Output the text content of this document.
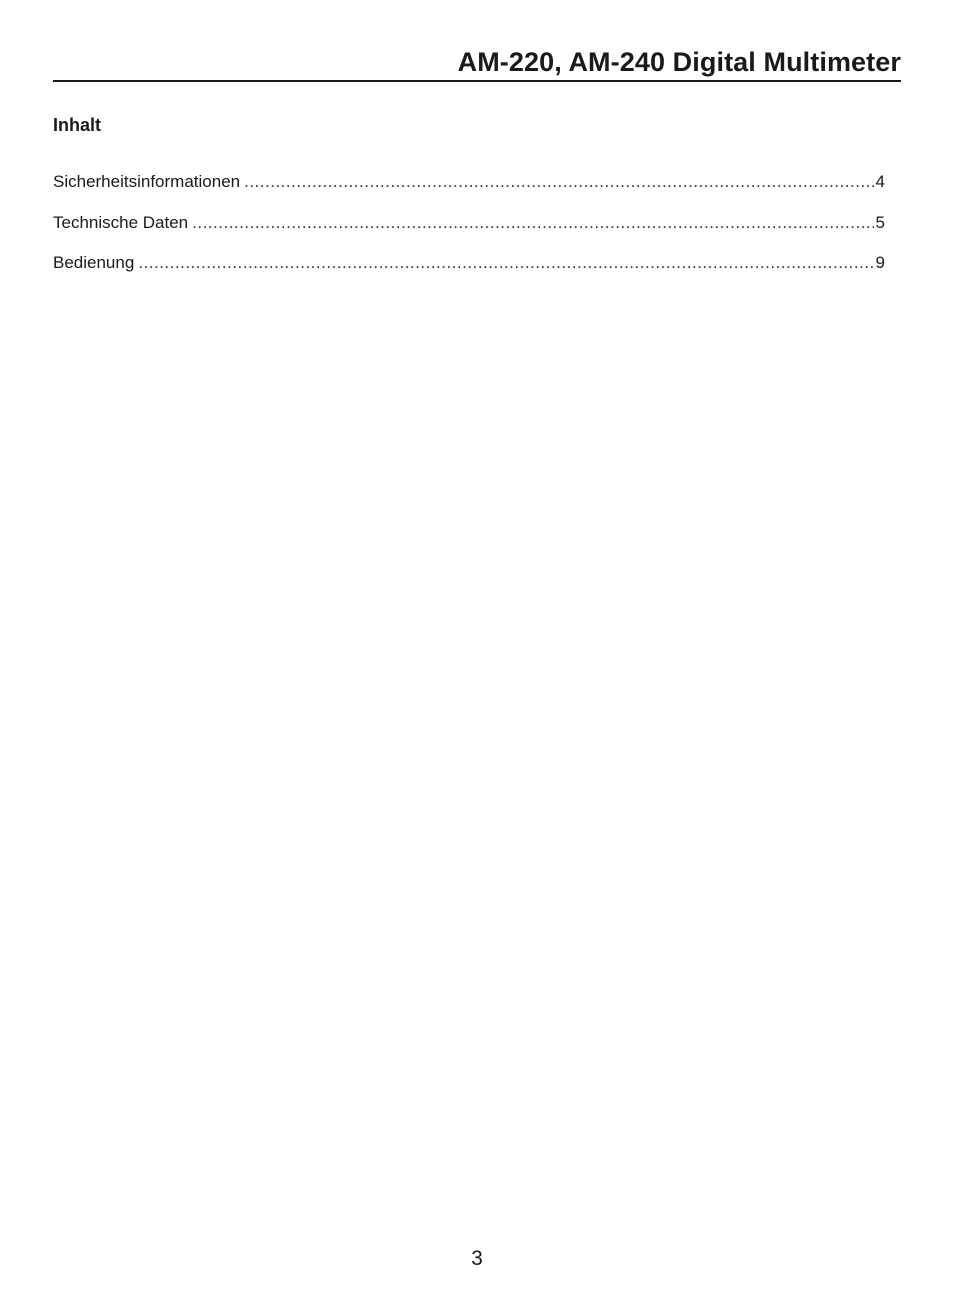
AM-220, AM-240 Digital Multimeter
Inhalt
Sicherheitsinformationen .....	4
Technische Daten .....	5
Bedienung .....	9
3
